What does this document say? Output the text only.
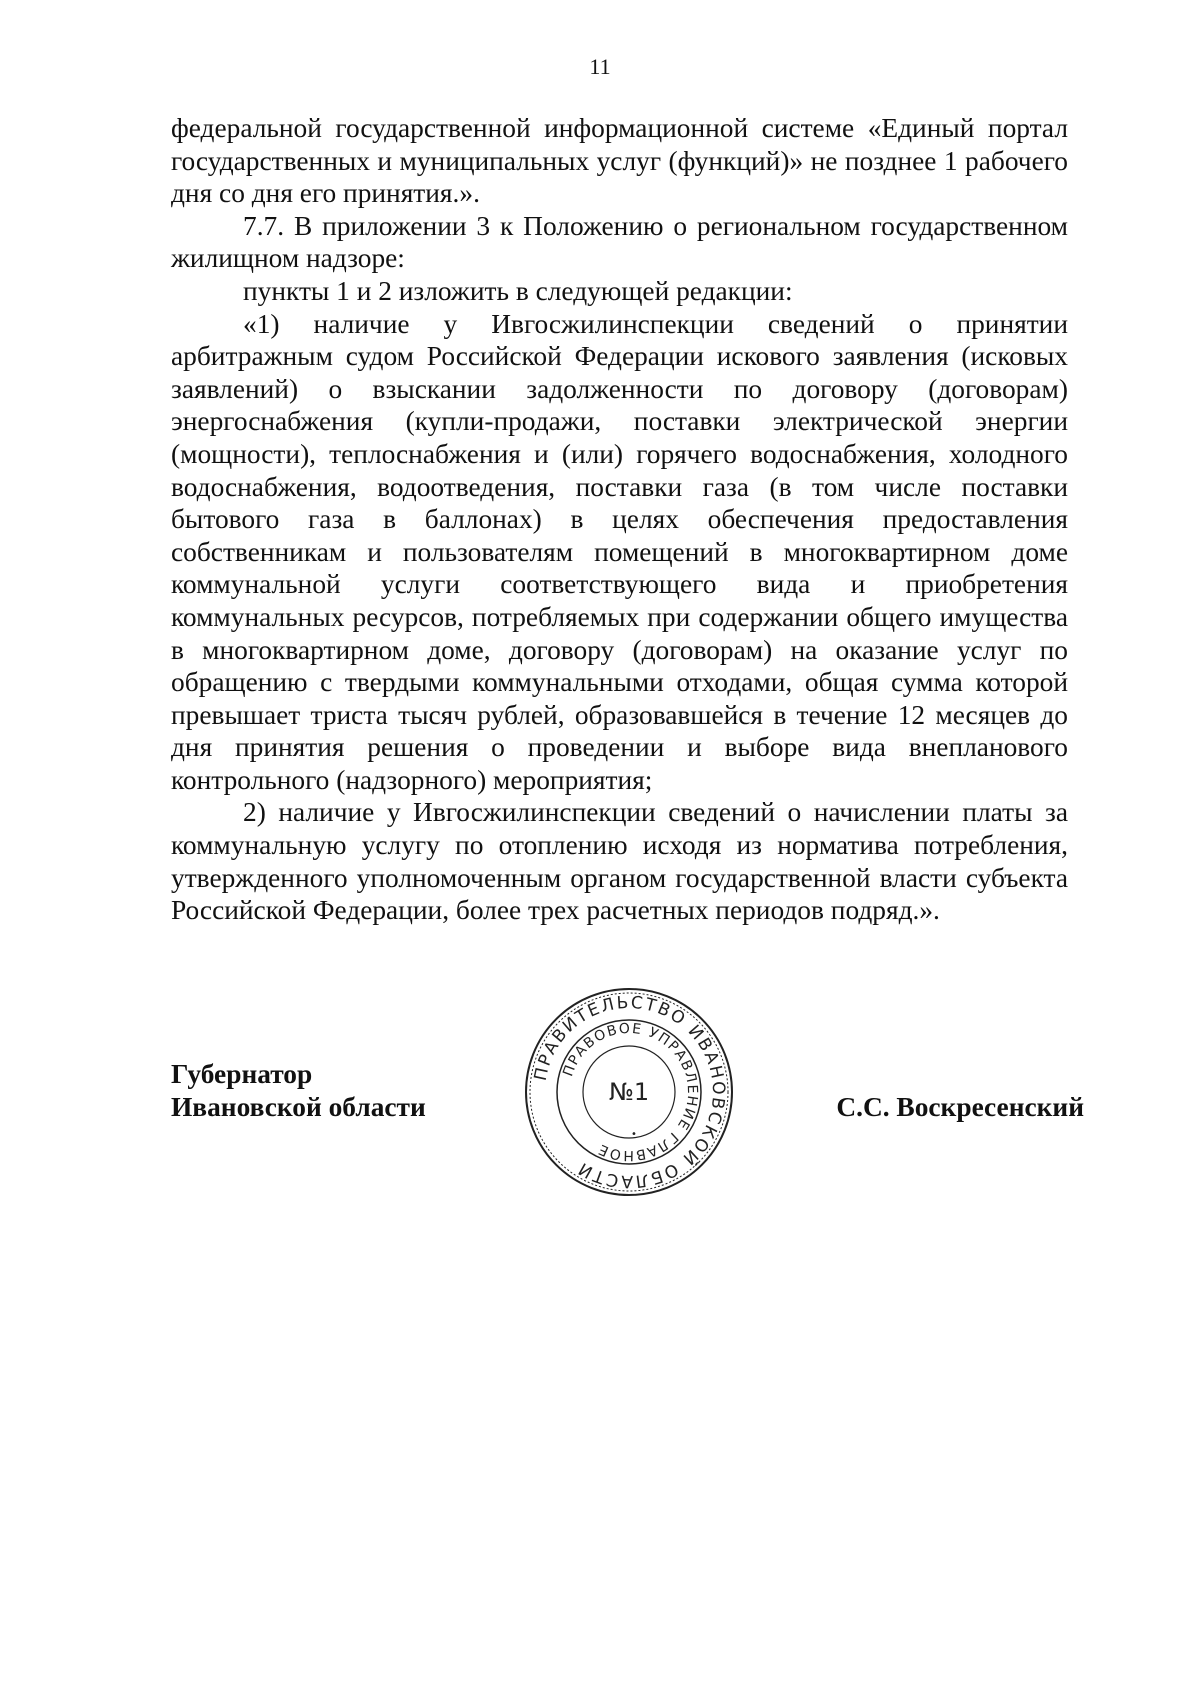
11

федеральной государственной информационной системе «Единый портал государственных и муниципальных услуг (функций)» не позднее 1 рабочего дня со дня его принятия.».

7.7. В приложении 3 к Положению о региональном государственном жилищном надзоре:

пункты 1 и 2 изложить в следующей редакции:

«1) наличие у Ивгосжилинспекции сведений о принятии арбитражным судом Российской Федерации искового заявления (исковых заявлений) о взыскании задолженности по договору (договорам) энергоснабжения (купли-продажи, поставки электрической энергии (мощности), теплоснабжения и (или) горячего водоснабжения, холодного водоснабжения, водоотведения, поставки газа (в том числе поставки бытового газа в баллонах) в целях обеспечения предоставления собственникам и пользователям помещений в многоквартирном доме коммунальной услуги соответствующего вида и приобретения коммунальных ресурсов, потребляемых при содержании общего имущества в многоквартирном доме, договору (договорам) на оказание услуг по обращению с твердыми коммунальными отходами, общая сумма которой превышает триста тысяч рублей, образовавшейся в течение 12 месяцев до дня принятия решения о проведении и выборе вида внепланового контрольного (надзорного) мероприятия;

2) наличие у Ивгосжилинспекции сведений о начислении платы за коммунальную услугу по отоплению исходя из норматива потребления, утвержденного уполномоченным органом государственной власти субъекта Российской Федерации, более трех расчетных периодов подряд.».

Губернатор
Ивановской области
ПРАВИТЕЛЬСТВО ИВАНОВСКОЙ ОБЛАСТИ
ПРАВОВОЕ УПРАВЛЕНИЕ ГЛАВНОЕ
№1
•
С.С. Воскресенский
